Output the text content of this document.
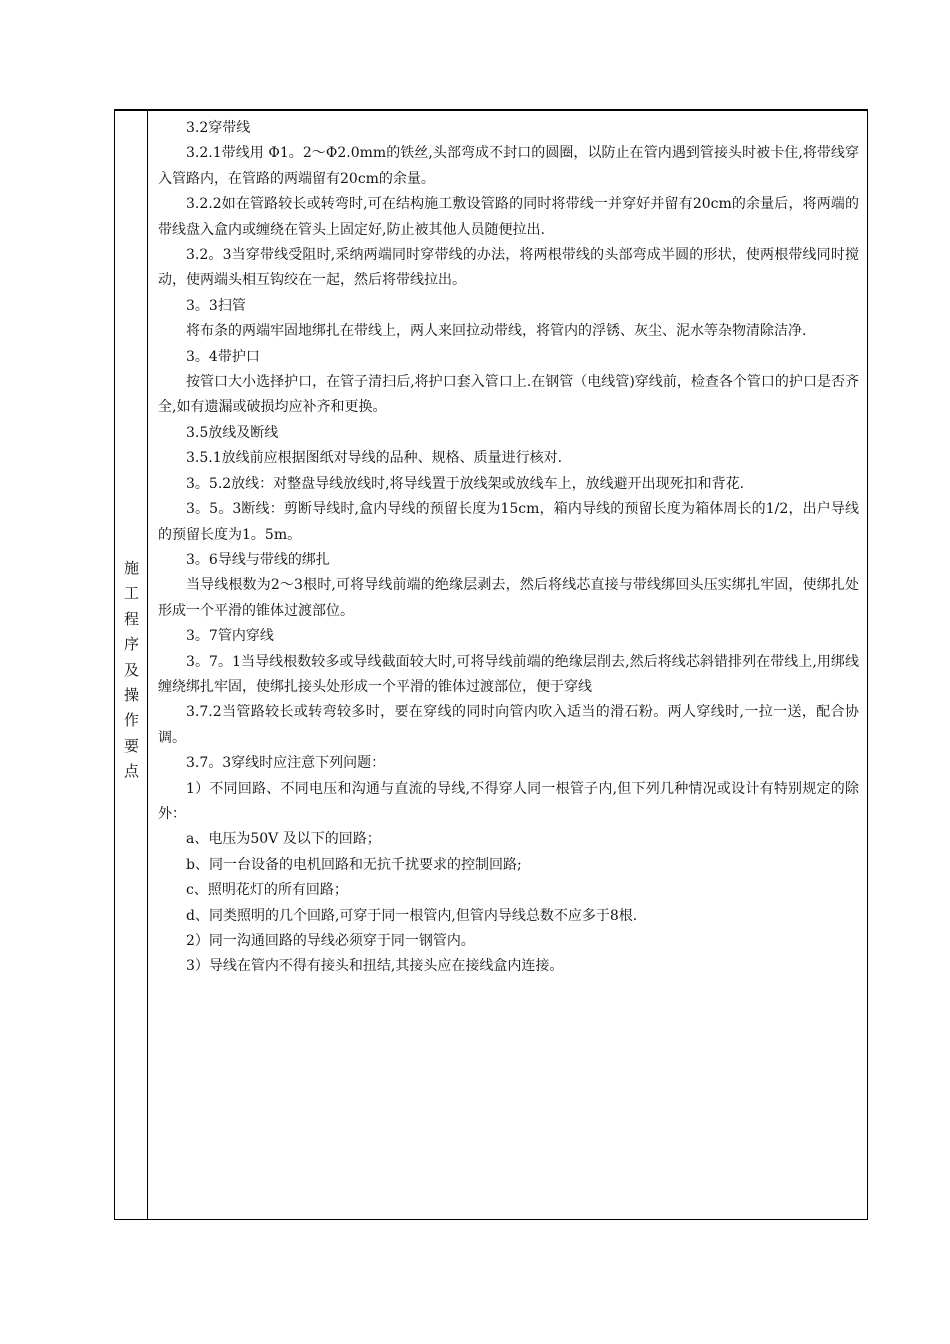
施
工
程
序
及
操
作
要
点

3.2穿带线

3.2.1带线用 Φ1。2～Φ2.0mm的铁丝,头部弯成不封口的圆圈，以防止在管内遇到管接头时被卡住,将带线穿入管路内，在管路的两端留有20cm的余量。

3.2.2如在管路较长或转弯时,可在结构施工敷设管路的同时将带线一并穿好并留有20cm的余量后，将两端的带线盘入盒内或缠绕在管头上固定好,防止被其他人员随便拉出.

3.2。3当穿带线受阻时,采纳两端同时穿带线的办法，将两根带线的头部弯成半圆的形状，使两根带线同时搅动，使两端头相互钩绞在一起，然后将带线拉出。

3。3扫管

将布条的两端牢固地绑扎在带线上，两人来回拉动带线，将管内的浮锈、灰尘、泥水等杂物清除洁净.

3。4带护口

按管口大小选择护口，在管子清扫后,将护口套入管口上.在钢管（电线管)穿线前，检查各个管口的护口是否齐全,如有遗漏或破损均应补齐和更换。

3.5放线及断线

3.5.1放线前应根据图纸对导线的品种、规格、质量进行核对.

3。5.2放线：对整盘导线放线时,将导线置于放线架或放线车上，放线避开出现死扣和背花.

3。5。3断线：剪断导线时,盒内导线的预留长度为15cm，箱内导线的预留长度为箱体周长的1/2，出户导线的预留长度为1。5m。

3。6导线与带线的绑扎

当导线根数为2～3根时,可将导线前端的绝缘层剥去，然后将线芯直接与带线绑回头压实绑扎牢固，使绑扎处形成一个平滑的锥体过渡部位。

3。7管内穿线

3。7。1当导线根数较多或导线截面较大时,可将导线前端的绝缘层削去,然后将线芯斜错排列在带线上,用绑线缠绕绑扎牢固，使绑扎接头处形成一个平滑的锥体过渡部位，便于穿线

3.7.2当管路较长或转弯较多时，要在穿线的同时向管内吹入适当的滑石粉。两人穿线时,一拉一送，配合协调。

3.7。3穿线时应注意下列问题：

1）不同回路、不同电压和沟通与直流的导线,不得穿人同一根管子内,但下列几种情况或设计有特别规定的除外：

a、电压为50V 及以下的回路；

b、同一台设备的电机回路和无抗千扰要求的控制回路;

c、照明花灯的所有回路；

d、同类照明的几个回路,可穿于同一根管内,但管内导线总数不应多于8根.

2）同一沟通回路的导线必须穿于同一钢管内。

3）导线在管内不得有接头和扭结,其接头应在接线盒内连接。
